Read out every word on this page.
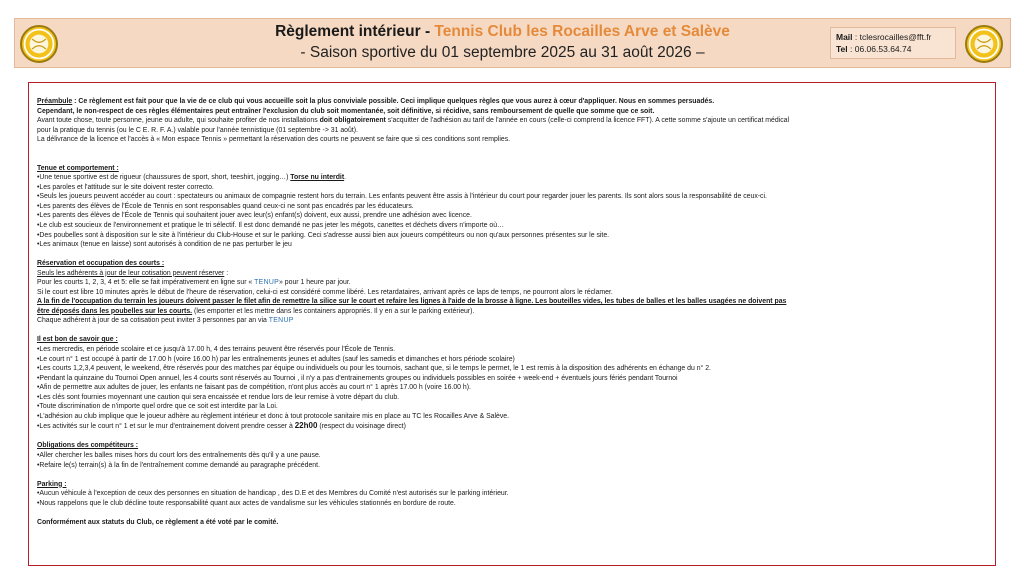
Règlement intérieur - Tennis Club les Rocailles Arve et Salève
- Saison sportive du 01 septembre 2025 au 31 août 2026 –
Mail : tclesrocailles@fft.fr
Tel : 06.06.53.64.74

Préambule : Ce règlement est fait pour que la vie de ce club qui vous accueille soit la plus conviviale possible. Ceci implique quelques règles que vous aurez à cœur d'appliquer. Nous en sommes persuadés.

Cependant, le non-respect de ces règles élémentaires peut entraîner l'exclusion du club soit momentanée, soit définitive, si récidive, sans remboursement de quelle que somme que ce soit.

Avant toute chose, toute personne, jeune ou adulte, qui souhaite profiter de nos installations doit obligatoirement s'acquitter de l'adhésion au tarif de l'année en cours (celle-ci comprend la licence FFT). A cette somme s'ajoute un certificat médical

pour la pratique du tennis (ou le C E. R. F. A.) valable pour l'année tennistique (01 septembre -> 31 août).

La délivrance de la licence et l'accès à « Mon espace Tennis » permettant la réservation des courts ne peuvent se faire que si ces conditions sont remplies.

Tenue et comportement :

•Une tenue sportive est de rigueur (chaussures de sport, short, teeshirt, jogging…) Torse nu interdit.

•Les paroles et l'attitude sur le site doivent rester correcto.

•Seuls les joueurs peuvent accéder au court : spectateurs ou animaux de compagnie restent hors du terrain. Les enfants peuvent être assis à l'intérieur du court pour regarder jouer les parents. Ils sont alors sous la responsabilité de ceux-ci.

•Les parents des élèves de l'École de Tennis en sont responsables quand ceux-ci ne sont pas encadrés par les éducateurs.

•Les parents des élèves de l'École de Tennis qui souhaitent jouer avec leur(s) enfant(s) doivent, eux aussi, prendre une adhésion avec licence.

•Le club est soucieux de l'environnement et pratique le tri sélectif. Il est donc demandé ne pas jeter les mégots, canettes et déchets divers n'importe où…

•Des poubelles sont à disposition sur le site à l'intérieur du Club-House et sur le parking. Ceci s'adresse aussi bien aux joueurs compétiteurs ou non qu'aux personnes présentes sur le site.

•Les animaux (tenue en laisse) sont autorisés à condition de ne pas perturber le jeu

Réservation et occupation des courts :

Seuls les adhérents à jour de leur cotisation peuvent réserver :

Pour les courts 1, 2, 3, 4 et 5: elle se fait impérativement en ligne sur « TENUP» pour 1 heure par jour.

Si le court est libre 10 minutes après le début de l'heure de réservation, celui-ci est considéré comme libéré. Les retardataires, arrivant après ce laps de temps, ne pourront alors le réclamer.

A la fin de l'occupation du terrain les joueurs doivent passer le filet afin de remettre la silice sur le court et refaire les lignes à l'aide de la brosse à ligne. Les bouteilles vides, les tubes de balles et les balles usagées ne doivent pas

être déposés dans les poubelles sur les courts. (les emporter et les mettre dans les containers appropriés. Il y en a sur le parking extérieur).

Chaque adhérent à jour de sa cotisation peut inviter 3 personnes par an via TENUP

Il est bon de savoir que :

•Les mercredis, en période scolaire et ce jusqu'à 17.00 h, 4 des terrains peuvent être réservés pour l'École de Tennis.

•Le court n° 1 est occupé à partir de 17.00 h (voire 16.00 h) par les entraînements jeunes et adultes (sauf les samedis et dimanches et hors période scolaire)

•Les courts 1,2,3,4 peuvent, le weekend, être réservés pour des matches par équipe ou individuels ou pour les tournois, sachant que, si le temps le permet, le 1 est remis à la disposition des adhérents en échange du n° 2.

•Pendant la quinzaine du Tournoi Open annuel, les 4 courts sont réservés au Tournoi , il n'y a pas d'entrainements groupes ou individuels possibles en soirée + week-end + éventuels jours fériés pendant Tournoi

•Afin de permettre aux adultes de jouer, les enfants ne faisant pas de compétition, n'ont plus accès au court n° 1 après 17.00 h (voire 16.00 h).

•Les clés sont fournies moyennant une caution qui sera encaissée et rendue lors de leur remise à votre départ du club.

•Toute discrimination de n'importe quel ordre que ce soit est interdite par la Loi.

•L'adhésion au club implique que le joueur adhère au règlement intérieur et donc à tout protocole sanitaire mis en place au TC les Rocailles Arve & Salève.

•Les activités sur le court n° 1 et sur le mur d'entrainement doivent prendre cesser à 22h00 (respect du voisinage direct)

Obligations des compétiteurs :

•Aller chercher les balles mises hors du court lors des entraînements dès qu'il y a une pause.

•Refaire le(s) terrain(s) à la fin de l'entraînement comme demandé au paragraphe précédent.

Parking :

•Aucun véhicule à l'exception de ceux des personnes en situation de handicap , des D.E et des Membres du Comité n'est autorisés sur le parking intérieur.

•Nous rappelons que le club décline toute responsabilité quant aux actes de vandalisme sur les véhicules stationnés en bordure de route.

Conformément aux statuts du Club, ce règlement a été voté par le comité.
